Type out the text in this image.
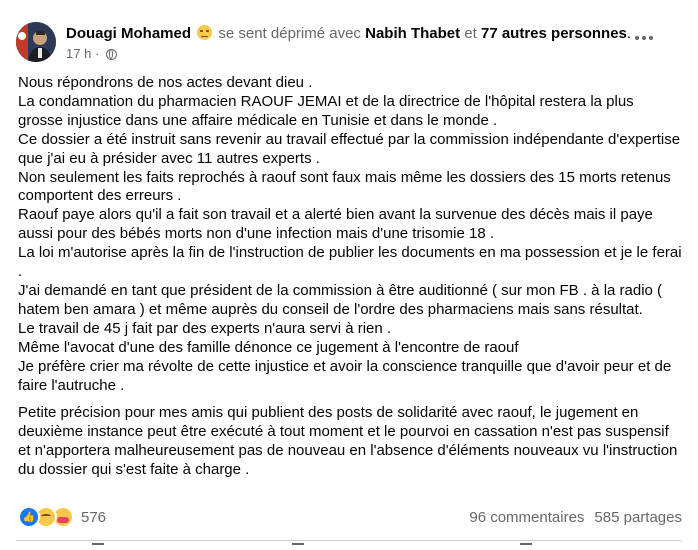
Douagi Mohamed se sent déprimé avec Nabih Thabet et 77 autres personnes.
17 h ·

Nous répondrons de nos actes devant dieu .

La condamnation du pharmacien RAOUF JEMAI et de la directrice de l'hôpital restera la plus grosse injustice dans une affaire médicale en Tunisie et dans le monde .

Ce dossier a été instruit sans revenir au travail effectué par la commission indépendante d'expertise que j'ai eu à présider avec 11 autres experts .

Non seulement les faits reprochés à raouf sont faux mais même les dossiers des 15 morts retenus comportent des erreurs .

Raouf paye alors qu'il a fait son travail et a alerté bien avant la survenue des décès mais il paye aussi pour des bébés morts non d'une infection mais d'une trisomie 18 .

La loi m'autorise après la fin de l'instruction de publier les documents en ma possession et je le ferai .

J'ai demandé en tant que président de la commission à être auditionné ( sur mon FB . à la radio ( hatem ben amara ) et même auprès du conseil de l'ordre des pharmaciens mais sans résultat.

Le travail de 45 j fait par des experts n'aura servi à rien .

Même l'avocat d'une des famille dénonce ce jugement à l'encontre de raouf

Je préfère crier ma révolte de cette injustice et avoir la conscience tranquille que d'avoir peur et de faire l'autruche .

Petite précision pour mes amis qui publient des posts de solidarité avec raouf, le jugement en deuxième instance peut être exécuté à tout moment et le pourvoi en cassation n'est pas suspensif et n'apportera malheureusement pas de nouveau en l'absence d'éléments nouveaux vu l'instruction du dossier qui s'est faite à charge .

👍	576	96 commentaires 585 partages
